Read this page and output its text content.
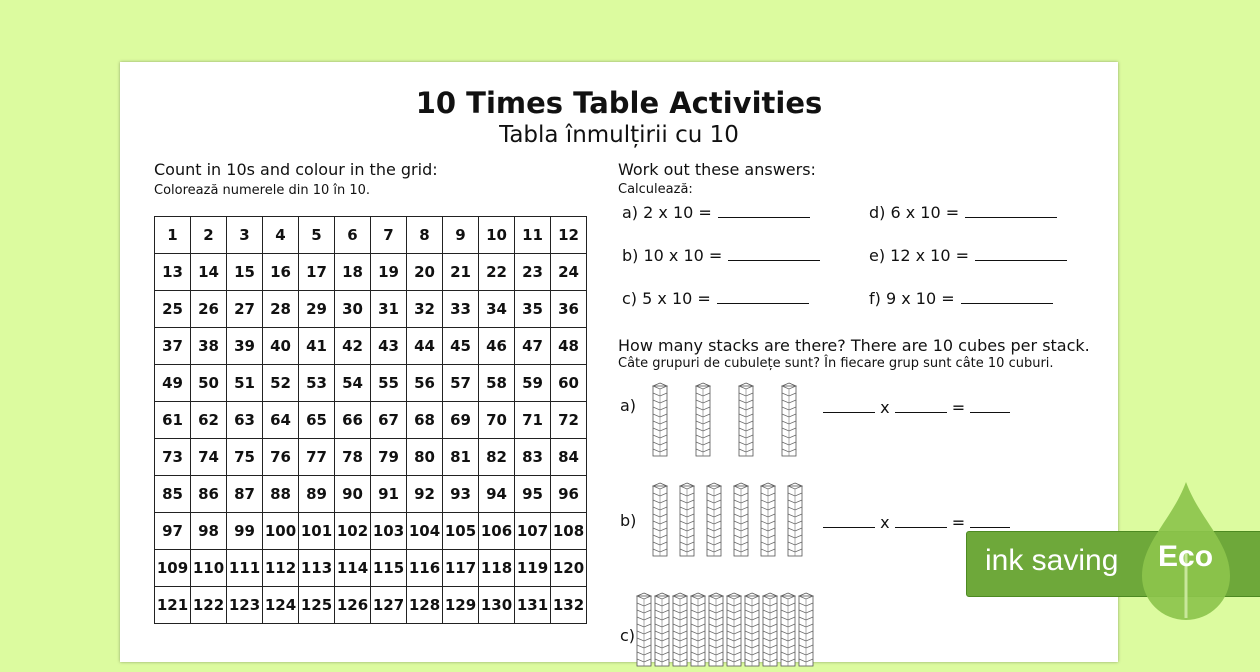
10 Times Table Activities
Tabla înmulțirii cu 10
Count in 10s and colour in the grid:
Colorează numerele din 10 în 10.
1	2	3	4	5	6	7	8	9	10	11	12
13	14	15	16	17	18	19	20	21	22	23	24
25	26	27	28	29	30	31	32	33	34	35	36
37	38	39	40	41	42	43	44	45	46	47	48
49	50	51	52	53	54	55	56	57	58	59	60
61	62	63	64	65	66	67	68	69	70	71	72
73	74	75	76	77	78	79	80	81	82	83	84
85	86	87	88	89	90	91	92	93	94	95	96
97	98	99	100	101	102	103	104	105	106	107	108
109	110	111	112	113	114	115	116	117	118	119	120
121	122	123	124	125	126	127	128	129	130	131	132
Work out these answers:
Calculează:
a) 2 x 10 =
b) 10 x 10 =
c) 5 x 10 =
d) 6 x 10 =
e) 12 x 10 =
f) 9 x 10 =
How many stacks are there? There are 10 cubes per stack.
Câte grupuri de cubulețe sunt? În fiecare grup sunt câte 10 cuburi.
a)
b)
c)
x	=
x	=
ink saving Eco
